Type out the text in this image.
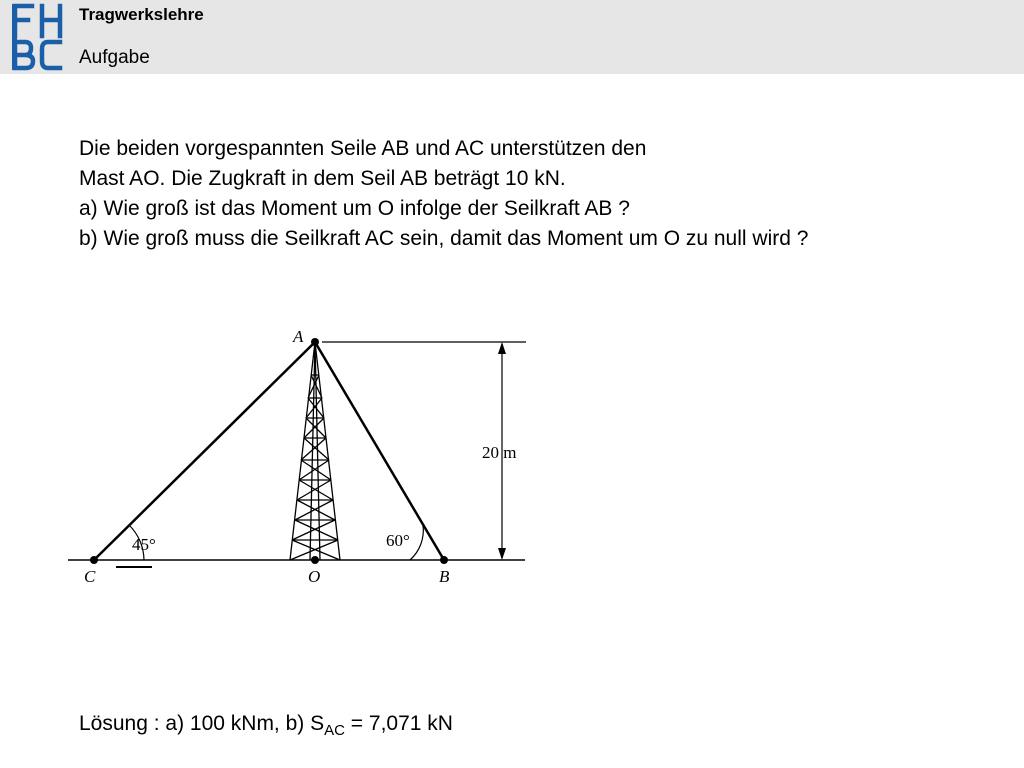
Tragwerkslehre
Aufgabe
Die beiden vorgespannten Seile AB und AC unterstützen den
Mast AO. Die Zugkraft in dem Seil AB beträgt 10 kN.
a) Wie groß ist das Moment um O infolge der Seilkraft AB ?
b) Wie groß muss die Seilkraft AC sein, damit das Moment um O zu null wird ?
A
C	O	B
45°	60°
20 m
Lösung : a) 100 kNm, b) $S_{AC} = 7,071$ kN
